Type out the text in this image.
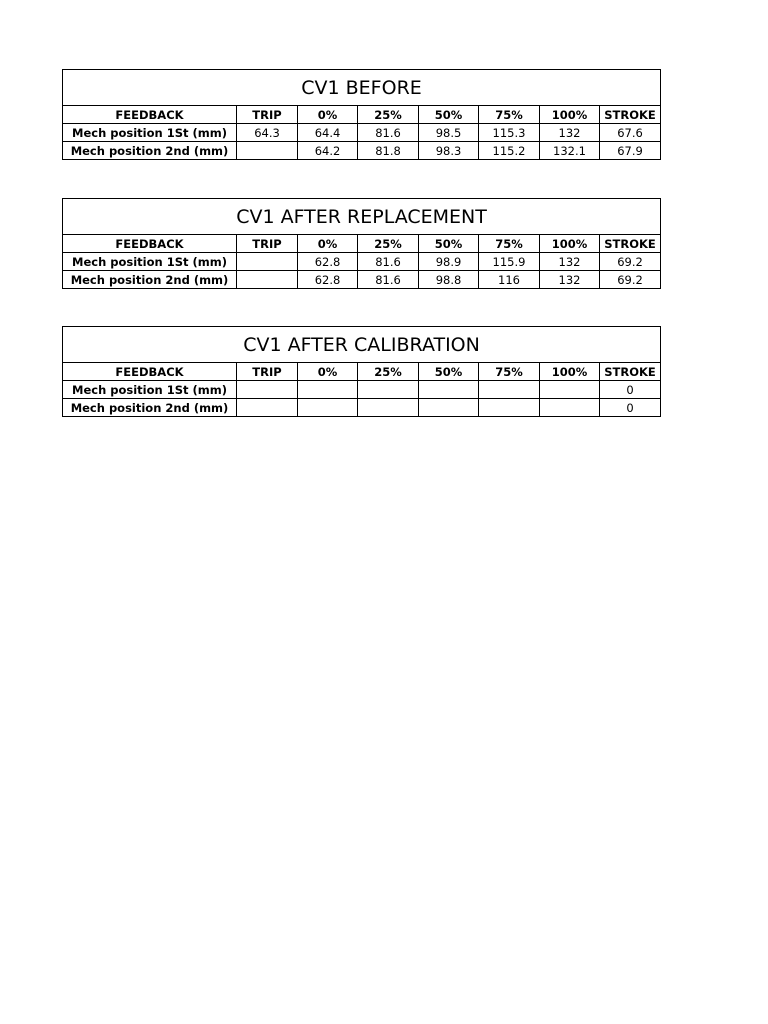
CV1 BEFORE							
FEEDBACK	TRIP	0%	25%	50%	75%	100%	STROKE
Mech position 1St (mm)	64.3	64.4	81.6	98.5	115.3	132	67.6
Mech position 2nd (mm)		64.2	81.8	98.3	115.2	132.1	67.9
CV1 AFTER REPLACEMENT							
FEEDBACK	TRIP	0%	25%	50%	75%	100%	STROKE
Mech position 1St (mm)		62.8	81.6	98.9	115.9	132	69.2
Mech position 2nd (mm)		62.8	81.6	98.8	116	132	69.2
CV1 AFTER CALIBRATION							
FEEDBACK	TRIP	0%	25%	50%	75%	100%	STROKE
Mech position 1St (mm)							0
Mech position 2nd (mm)							0
